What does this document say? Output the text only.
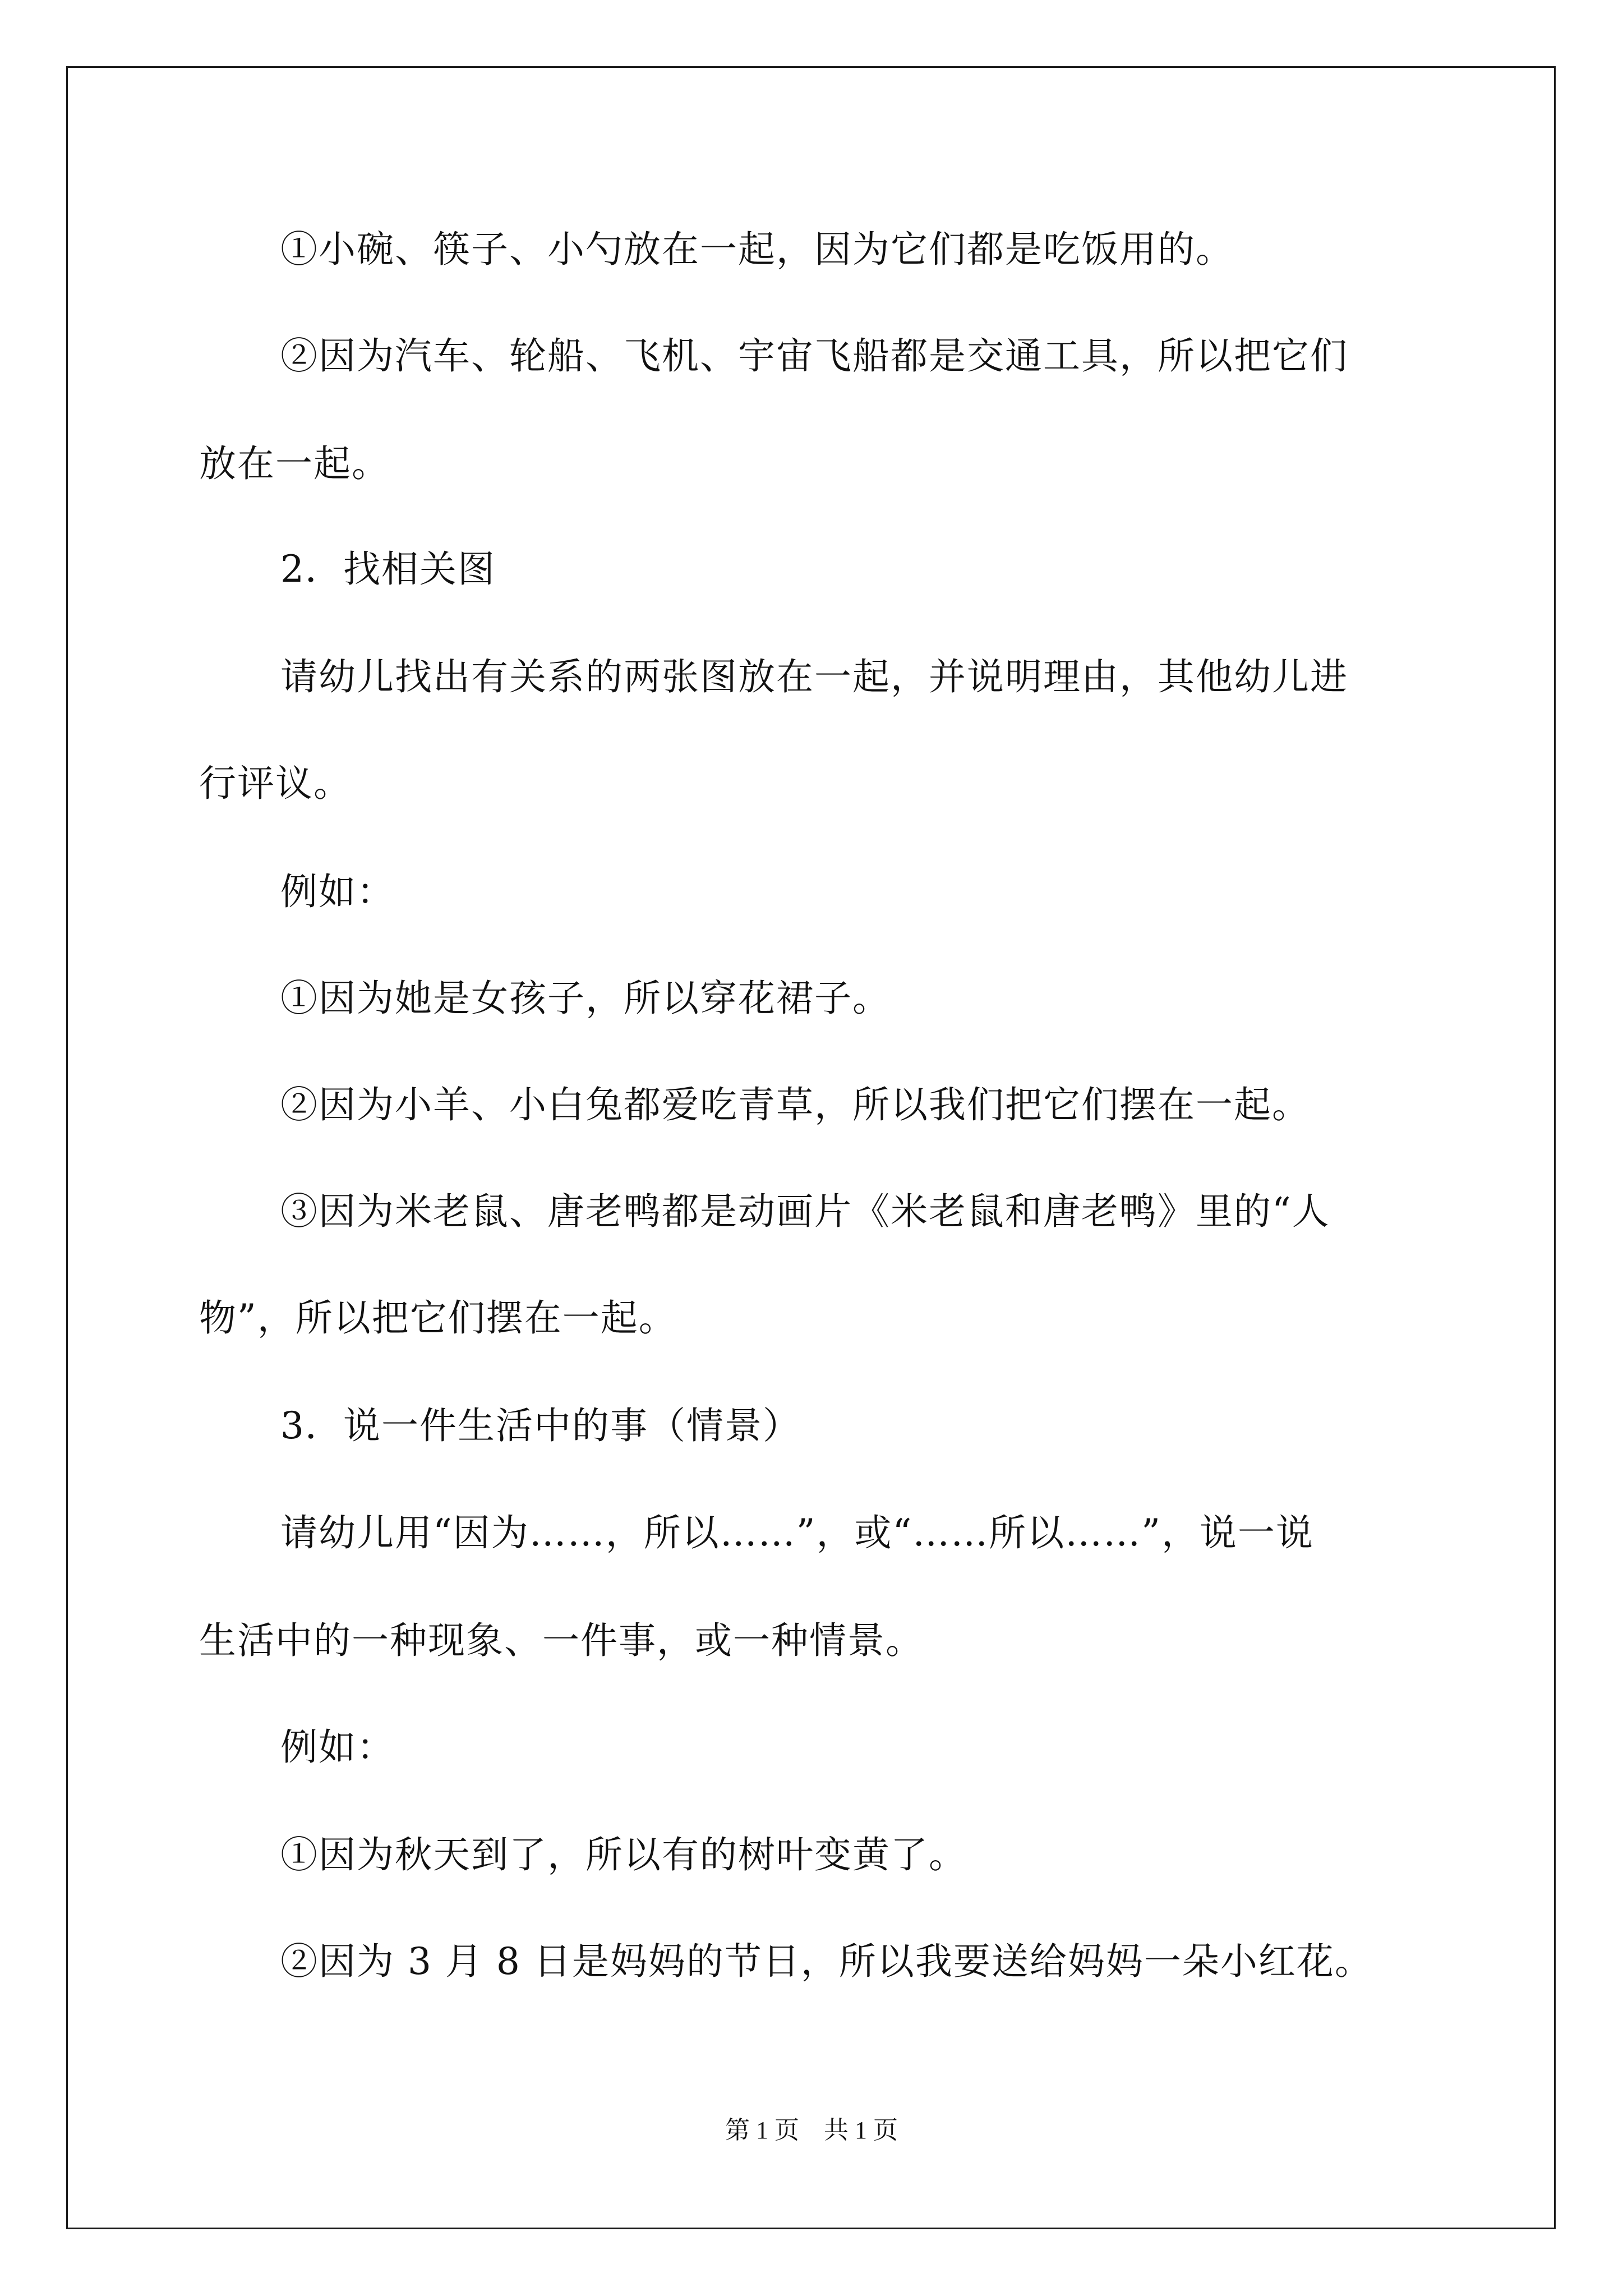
①小碗、筷子、小勺放在一起，因为它们都是吃饭用的。
②因为汽车、轮船、飞机、宇宙飞船都是交通工具，所以把它们
放在一起。
2．找相关图
请幼儿找出有关系的两张图放在一起，并说明理由，其他幼儿进
行评议。
例如：
①因为她是女孩子，所以穿花裙子。
②因为小羊、小白兔都爱吃青草，所以我们把它们摆在一起。
③因为米老鼠、唐老鸭都是动画片《米老鼠和唐老鸭》里的“人
物”，所以把它们摆在一起。
3．说一件生活中的事（情景）
请幼儿用“因为……，所以……”，或“……所以……”，说一说
生活中的一种现象、一件事，或一种情景。
例如：
①因为秋天到了，所以有的树叶变黄了。
②因为 3 月 8 日是妈妈的节日，所以我要送给妈妈一朵小红花。
第 1 页　共 1 页
